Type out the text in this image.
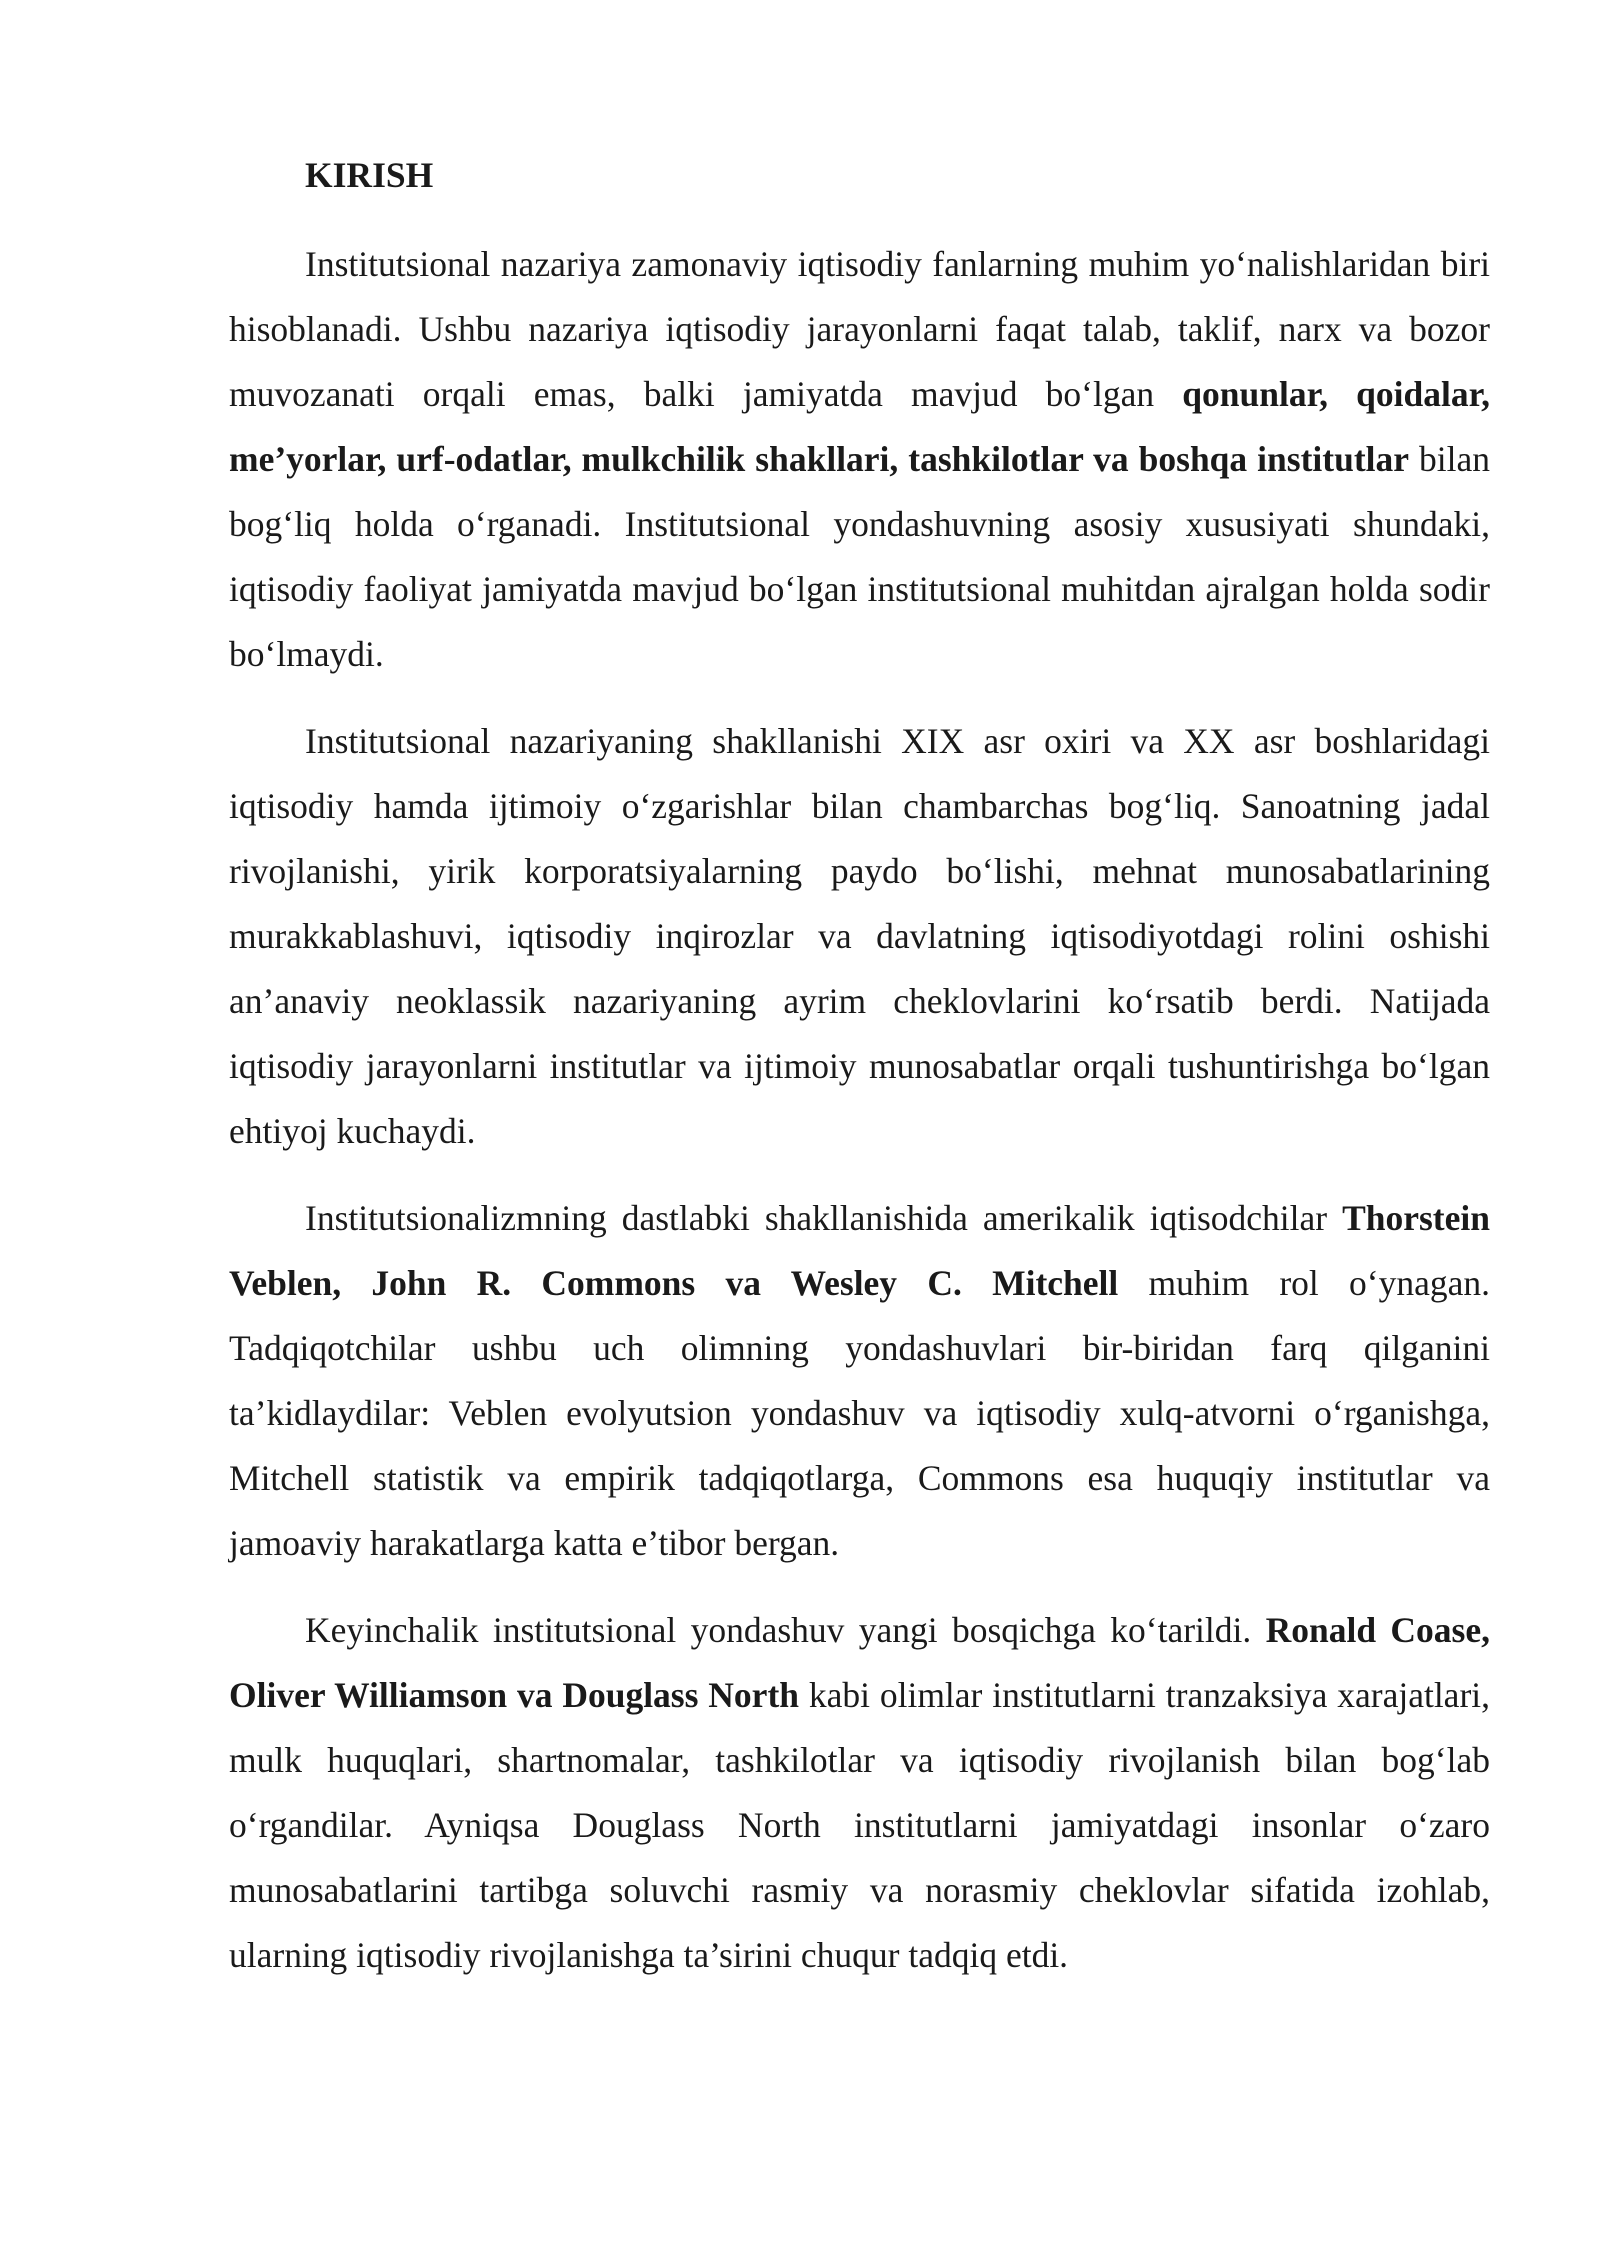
KIRISH

Institutsional nazariya zamonaviy iqtisodiy fanlarning muhim yo‘nalishlaridan biri hisoblanadi. Ushbu nazariya iqtisodiy jarayonlarni faqat talab, taklif, narx va bozor muvozanati orqali emas, balki jamiyatda mavjud bo‘lgan qonunlar, qoidalar, me’yorlar, urf-odatlar, mulkchilik shakllari, tashkilotlar va boshqa institutlar bilan bog‘liq holda o‘rganadi. Institutsional yondashuvning asosiy xususiyati shundaki, iqtisodiy faoliyat jamiyatda mavjud bo‘lgan institutsional muhitdan ajralgan holda sodir bo‘lmaydi.

Institutsional nazariyaning shakllanishi XIX asr oxiri va XX asr boshlaridagi iqtisodiy hamda ijtimoiy o‘zgarishlar bilan chambarchas bog‘liq. Sanoatning jadal rivojlanishi, yirik korporatsiyalarning paydo bo‘lishi, mehnat munosabatlarining murakkablashuvi, iqtisodiy inqirozlar va davlatning iqtisodiyotdagi rolini oshishi an’anaviy neoklassik nazariyaning ayrim cheklovlarini ko‘rsatib berdi. Natijada iqtisodiy jarayonlarni institutlar va ijtimoiy munosabatlar orqali tushuntirishga bo‘lgan ehtiyoj kuchaydi.

Institutsionalizmning dastlabki shakllanishida amerikalik iqtisodchilar Thorstein Veblen, John R. Commons va Wesley C. Mitchell muhim rol o‘ynagan. Tadqiqotchilar ushbu uch olimning yondashuvlari bir-biridan farq qilganini ta’kidlaydilar: Veblen evolyutsion yondashuv va iqtisodiy xulq-atvorni o‘rganishga, Mitchell statistik va empirik tadqiqotlarga, Commons esa huquqiy institutlar va jamoaviy harakatlarga katta e’tibor bergan.

Keyinchalik institutsional yondashuv yangi bosqichga ko‘tarildi. Ronald Coase, Oliver Williamson va Douglass North kabi olimlar institutlarni tranzaksiya xarajatlari, mulk huquqlari, shartnomalar, tashkilotlar va iqtisodiy rivojlanish bilan bog‘lab o‘rgandilar. Ayniqsa Douglass North institutlarni jamiyatdagi insonlar o‘zaro munosabatlarini tartibga soluvchi rasmiy va norasmiy cheklovlar sifatida izohlab, ularning iqtisodiy rivojlanishga ta’sirini chuqur tadqiq etdi.
